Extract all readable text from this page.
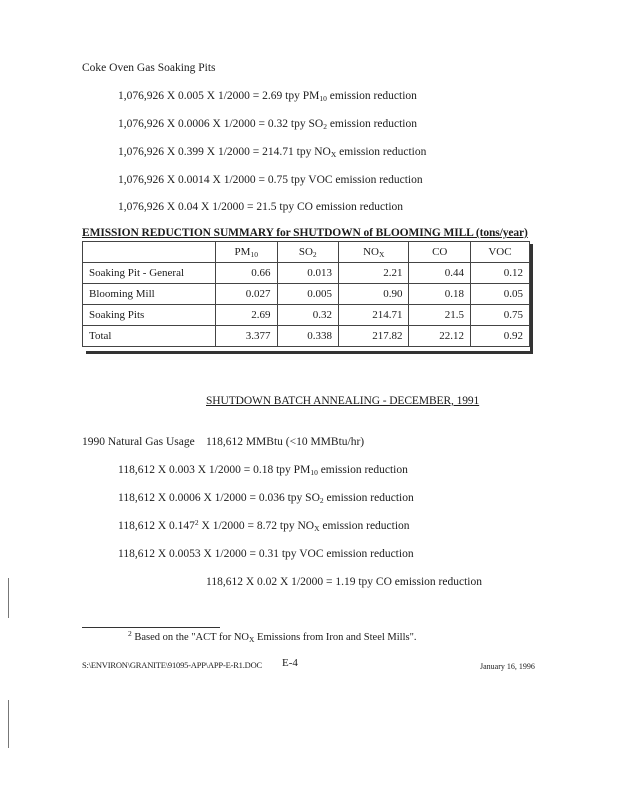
Coke Oven Gas Soaking Pits
1,076,926 X 0.005 X 1/2000 = 2.69 tpy $PM_{10}$ emission reduction
1,076,926 X 0.0006 X 1/2000 = 0.32 tpy $SO_2$ emission reduction
1,076,926 X 0.399 X 1/2000 = 214.71 tpy $NO_X$ emission reduction
1,076,926 X 0.0014 X 1/2000 = 0.75 tpy VOC emission reduction
1,076,926 X 0.04 X 1/2000 = 21.5 tpy CO emission reduction
EMISSION REDUCTION SUMMARY for SHUTDOWN of BLOOMING MILL (tons/year)
	$PM_{10}$	$SO_2$	$NO_X$	CO	VOC
Soaking Pit - General	0.66	0.013	2.21	0.44	0.12
Blooming Mill	0.027	0.005	0.90	0.18	0.05
Soaking Pits	2.69	0.32	214.71	21.5	0.75
Total	3.377	0.338	217.82	22.12	0.92
SHUTDOWN BATCH ANNEALING - DECEMBER, 1991
1990 Natural Gas Usage 118,612 MMBtu (<10 MMBtu/hr)
118,612 X 0.003 X 1/2000 = 0.18 tpy $PM_{10}$ emission reduction
118,612 X 0.0006 X 1/2000 = 0.036 tpy $SO_2$ emission reduction
118,612 X 0.147$^2$ X 1/2000 = 8.72 tpy $NO_X$ emission reduction
118,612 X 0.0053 X 1/2000 = 0.31 tpy VOC emission reduction
118,612 X 0.02 X 1/2000 = 1.19 tpy CO emission reduction
$^2$ Based on the "ACT for $NO_X$ Emissions from Iron and Steel Mills".
S:\ENVIRON\GRANITE\91095-APP\APP-E-R1.DOC E-4	January 16, 1996
